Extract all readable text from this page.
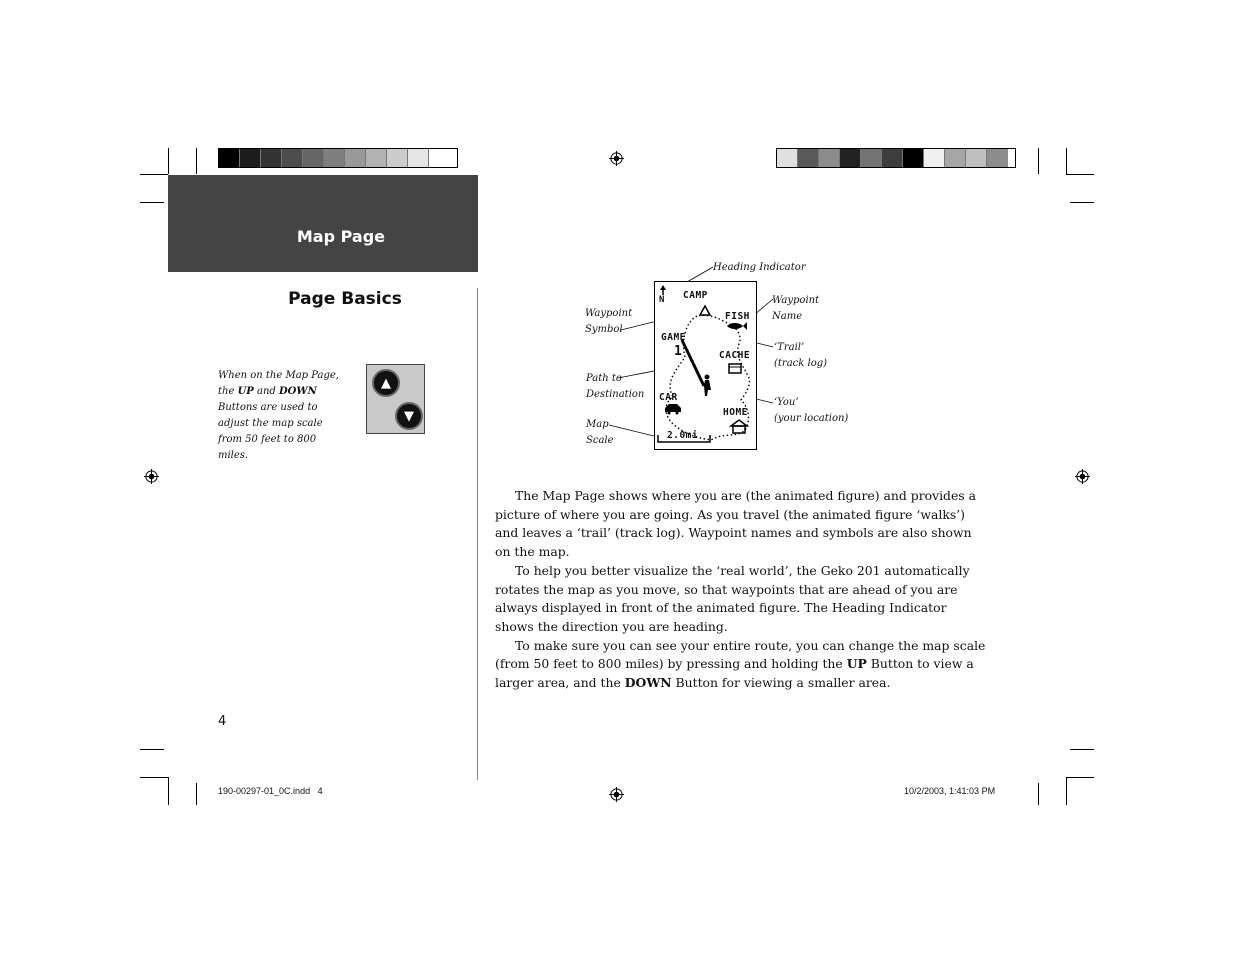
Map Page
Page Basics
When on the Map Page, the UP and DOWN Buttons are used to adjust the map scale from 50 feet to 800 miles.
▲
▼
Heading Indicator
Waypoint
Symbol
Waypoint
Name
‘Trail’
(track log)
Path to
Destination
‘You’
(your location)
Map
Scale
N CAMP
FISH
GAME
1	CACHE
CAR
HOME
2.0mi

The Map Page shows where you are (the animated figure) and provides a picture of where you are going. As you travel (the animated figure ‘walks’) and leaves a ‘trail’ (track log). Waypoint names and symbols are also shown on the map.

To help you better visualize the ‘real world’, the Geko 201 automatically rotates the map as you move, so that waypoints that are ahead of you are always displayed in front of the animated figure. The Heading Indicator shows the direction you are heading.

To make sure you can see your entire route, you can change the map scale (from 50 feet to 800 miles) by pressing and holding the UP Button to view a larger area, and the DOWN Button for viewing a smaller area.

4
190-00297-01_0C.indd   4	10/2/2003, 1:41:03 PM
